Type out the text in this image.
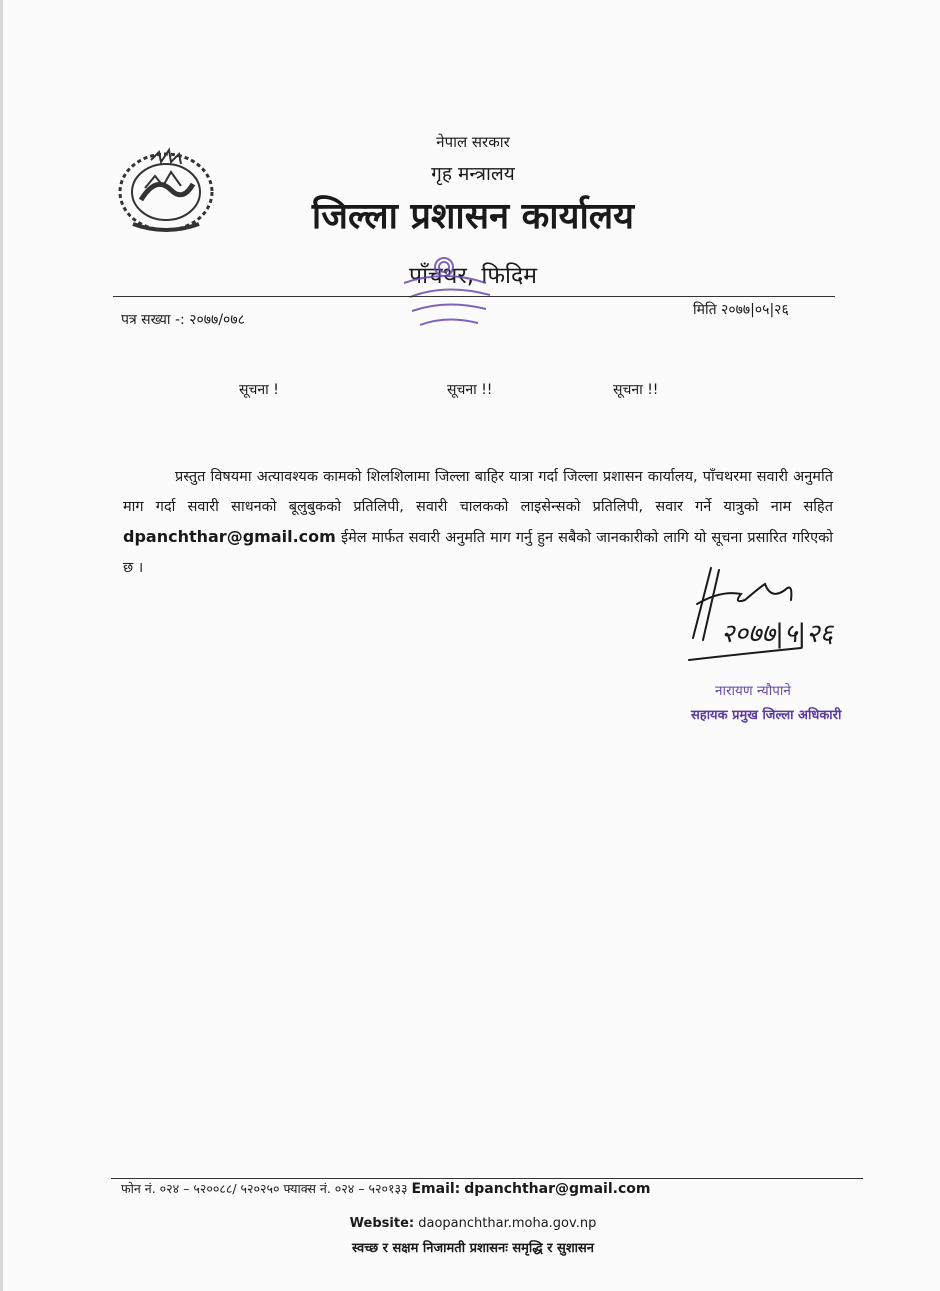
नेपाल सरकार
गृह मन्त्रालय
जिल्ला प्रशासन कार्यालय
पाँचथर, फिदिम
पत्र सख्या -: २०७७/०७८
मिति २०७७|०५|२६
सूचना !	सूचना !!	सूचना !!
प्रस्तुत विषयमा अत्यावश्यक कामको शिलशिलामा जिल्ला बाहिर यात्रा गर्दा जिल्ला प्रशासन कार्यालय, पाँचथरमा सवारी अनुमति माग गर्दा सवारी साधनको बूलुबुकको प्रतिलिपी, सवारी चालकको लाइसेन्सको प्रतिलिपी, सवार गर्ने यात्रुको नाम सहित dpanchthar@gmail.com ईमेल मार्फत सवारी अनुमति माग गर्नु हुन सबैको जानकारीको लागि यो सूचना प्रसारित गरिएको छ ।
२०७७|५|२६
नारायण न्यौपाने
सहायक प्रमुख जिल्ला अधिकारी
फोन नं. ०२४ – ५२००८८/ ५२०२५० फ्याक्स नं. ०२४ – ५२०१३३ Email: dpanchthar@gmail.com
Website: daopanchthar.moha.gov.np
स्वच्छ र सक्षम निजामती प्रशासनः समृद्धि र सुशासन
